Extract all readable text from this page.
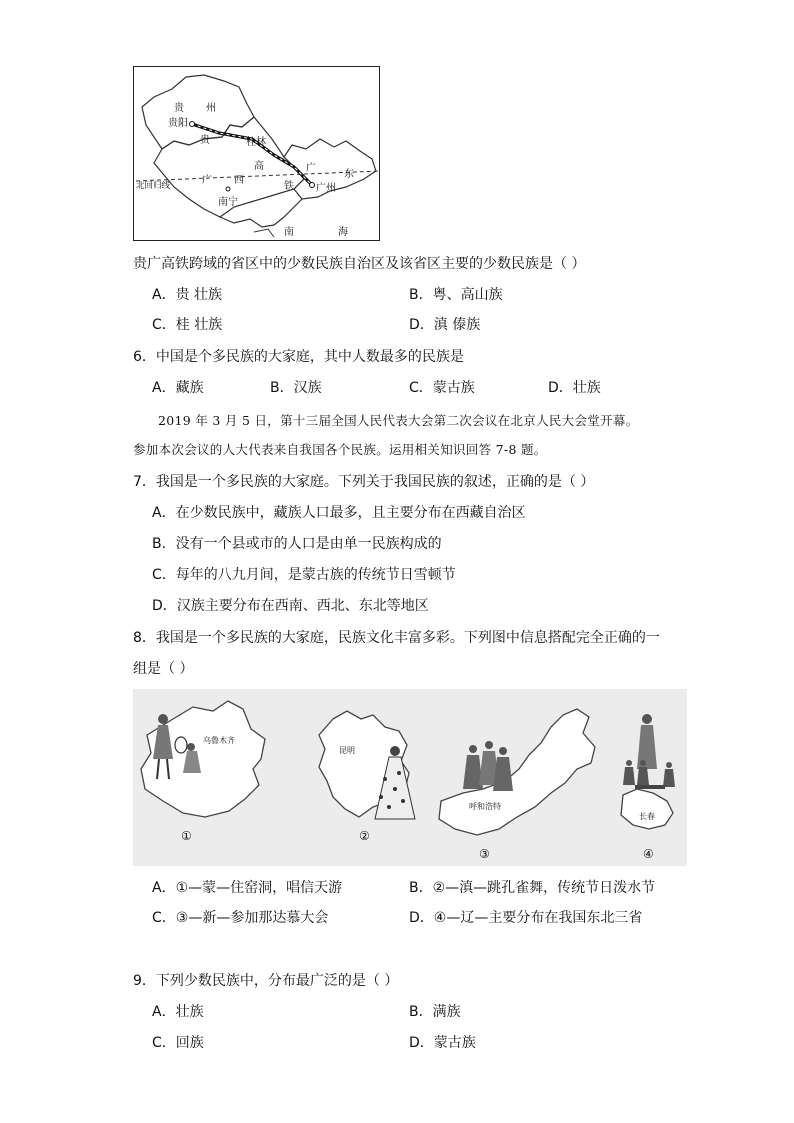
贵 州
贵阳
贵	桂林
高
广 西
铁
广
东
广州
南宁
北回归线
南	海
贵广高铁跨域的省区中的少数民族自治区及该省区主要的少数民族是（ ）
A．贵 壮族	B．粤、高山族
C．桂 壮族	D．滇 傣族
6．中国是个多民族的大家庭，其中人数最多的民族是
A．藏族	B．汉族	C．蒙古族	D．壮族
2019 年 3 月 5 日，第十三届全国人民代表大会第二次会议在北京人民大会堂开幕。
参加本次会议的人大代表来自我国各个民族。运用相关知识回答 7-8 题。
7．我国是一个多民族的大家庭。下列关于我国民族的叙述，正确的是（ ）
A．在少数民族中，藏族人口最多，且主要分布在西藏自治区
B．没有一个县或市的人口是由单一民族构成的
C．每年的八九月间，是蒙古族的传统节日雪顿节
D．汉族主要分布在西南、西北、东北等地区
8．我国是一个多民族的大家庭，民族文化丰富多彩。下列图中信息搭配完全正确的一
组是（ ）
乌鲁木齐
昆明
呼和浩特
长春
①	②
③	④
A．①—蒙—住窑洞，唱信天游	B．②—滇—跳孔雀舞，传统节日泼水节
C．③—新—参加那达慕大会	D．④—辽—主要分布在我国东北三省
9．下列少数民族中，分布最广泛的是（ ）
A．壮族	B．满族
C．回族	D．蒙古族
